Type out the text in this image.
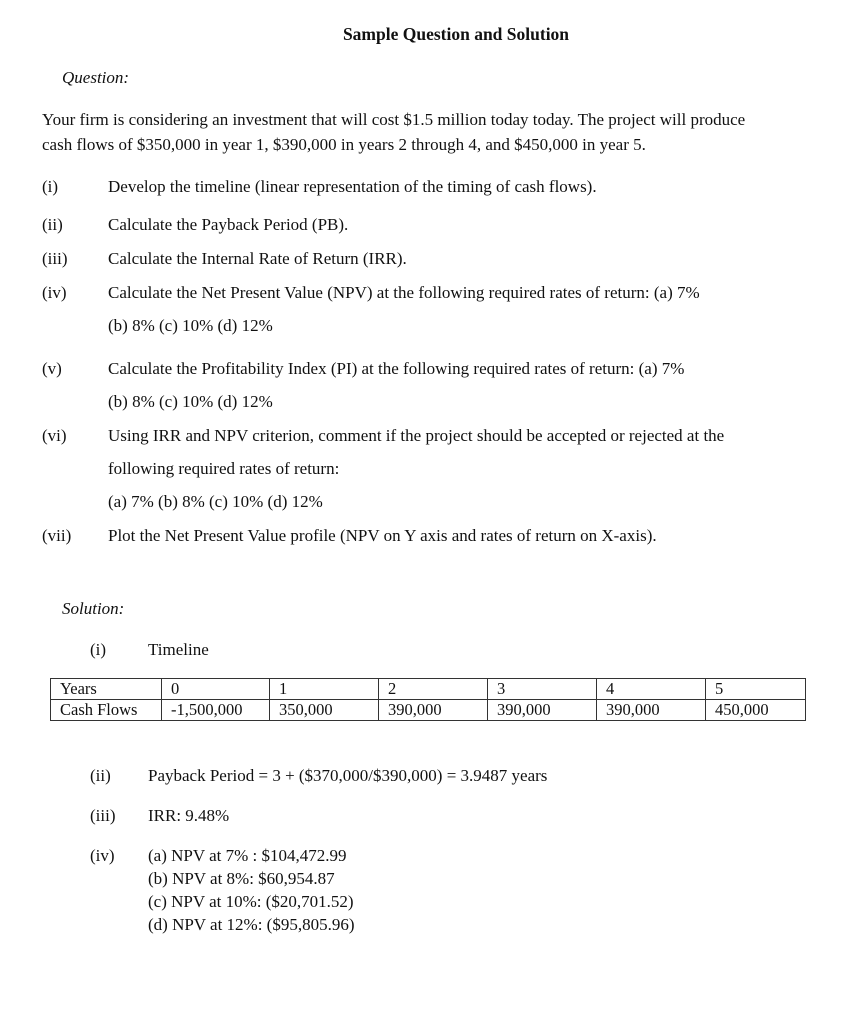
Sample Question and Solution
Question:
Your firm is considering an investment that will cost $1.5 million today today. The project will produce
cash flows of $350,000 in year 1, $390,000 in years 2 through 4, and $450,000 in year 5.
(i)	Develop the timeline (linear representation of the timing of cash flows).
(ii)	Calculate the Payback Period (PB).
(iii) Calculate the Internal Rate of Return (IRR).
(iv) Calculate the Net Present Value (NPV) at the following required rates of return: (a) 7%
(b) 8% (c) 10% (d) 12%
(v)	Calculate the Profitability Index (PI) at the following required rates of return: (a) 7%
(b) 8% (c) 10% (d) 12%
(vi) Using IRR and NPV criterion, comment if the project should be accepted or rejected at the
following required rates of return:
(a) 7% (b) 8% (c) 10% (d) 12%
(vii) Plot the Net Present Value profile (NPV on Y axis and rates of return on X-axis).
Solution:
(i) Timeline
Years	0	1	2	3	4	5
Cash Flows	-1,500,000	350,000	390,000	390,000	390,000	450,000
(ii) Payback Period = 3 + ($370,000/$390,000) = 3.9487 years
(iii) IRR: 9.48%
(iv) (a) NPV at 7% : $104,472.99
(b) NPV at 8%: $60,954.87
(c) NPV at 10%: ($20,701.52)
(d) NPV at 12%: ($95,805.96)
